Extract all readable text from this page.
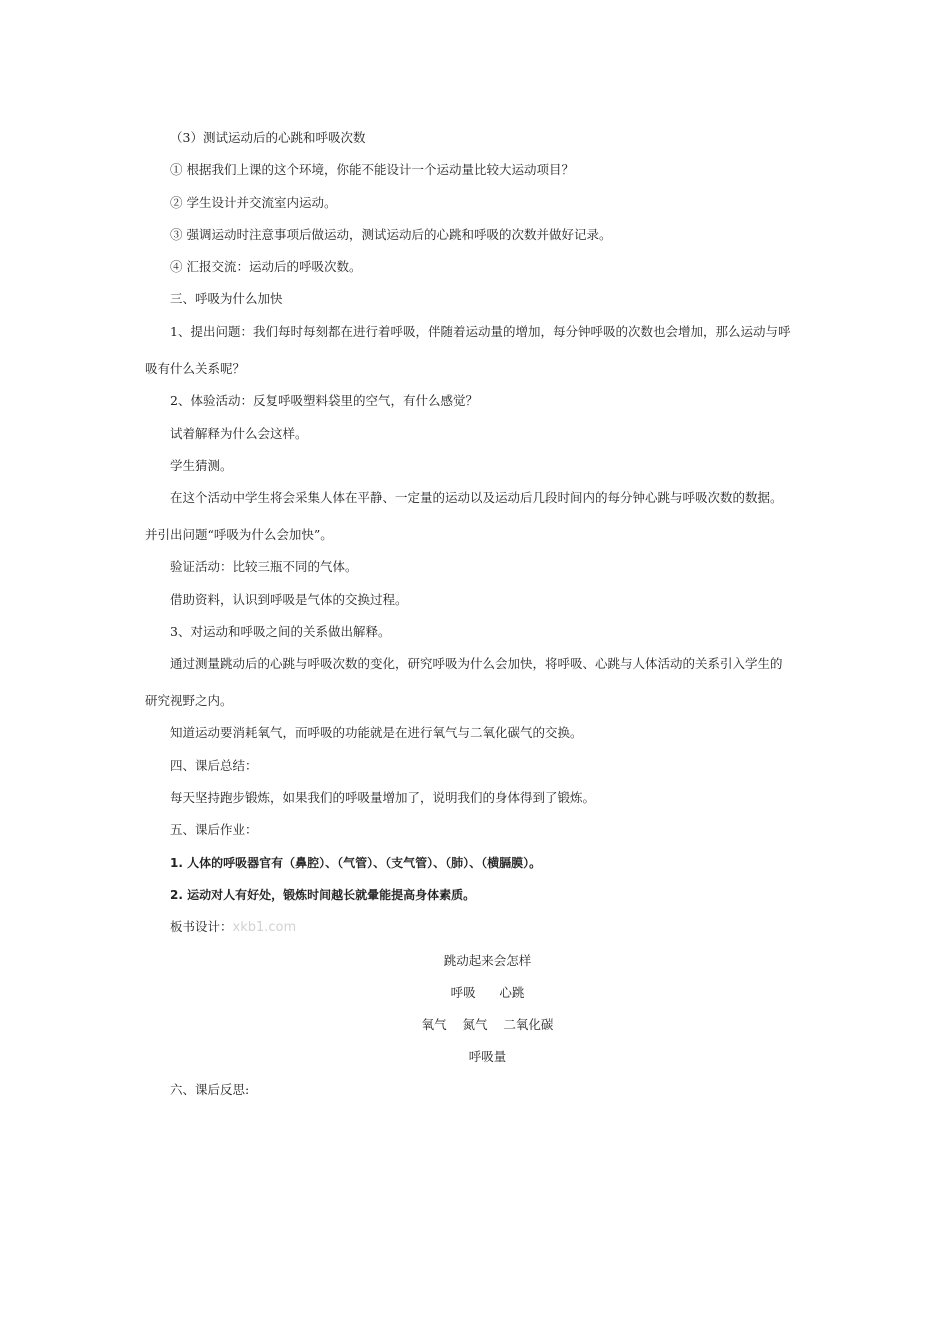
（3）测试运动后的心跳和呼吸次数
① 根据我们上课的这个环境，你能不能设计一个运动量比较大运动项目？
② 学生设计并交流室内运动。
③ 强调运动时注意事项后做运动，测试运动后的心跳和呼吸的次数并做好记录。
④ 汇报交流：运动后的呼吸次数。
三、呼吸为什么加快
1、提出问题：我们每时每刻都在进行着呼吸，伴随着运动量的增加，每分钟呼吸的次数也会增加，那么运动与呼
吸有什么关系呢？
2、体验活动：反复呼吸塑料袋里的空气，有什么感觉？
试着解释为什么会这样。
学生猜测。
在这个活动中学生将会采集人体在平静、一定量的运动以及运动后几段时间内的每分钟心跳与呼吸次数的数据。
并引出问题“呼吸为什么会加快”。
验证活动：比较三瓶不同的气体。
借助资料，认识到呼吸是气体的交换过程。
3、对运动和呼吸之间的关系做出解释。
通过测量跳动后的心跳与呼吸次数的变化，研究呼吸为什么会加快，将呼吸、心跳与人体活动的关系引入学生的
研究视野之内。
知道运动要消耗氧气，而呼吸的功能就是在进行氧气与二氧化碳气的交换。
四、课后总结：
每天坚持跑步锻炼，如果我们的呼吸量增加了，说明我们的身体得到了锻炼。
五、课后作业：
1. 人体的呼吸器官有（鼻腔）、（气管）、（支气管）、（肺）、（横膈膜）。
2. 运动对人有好处，锻炼时间越长就暈能提高身体素质。
板书设计：xkb1.com
跳动起来会怎样
呼吸      心跳
氧气    氮气    二氧化碳
呼吸量
六、课后反思:
